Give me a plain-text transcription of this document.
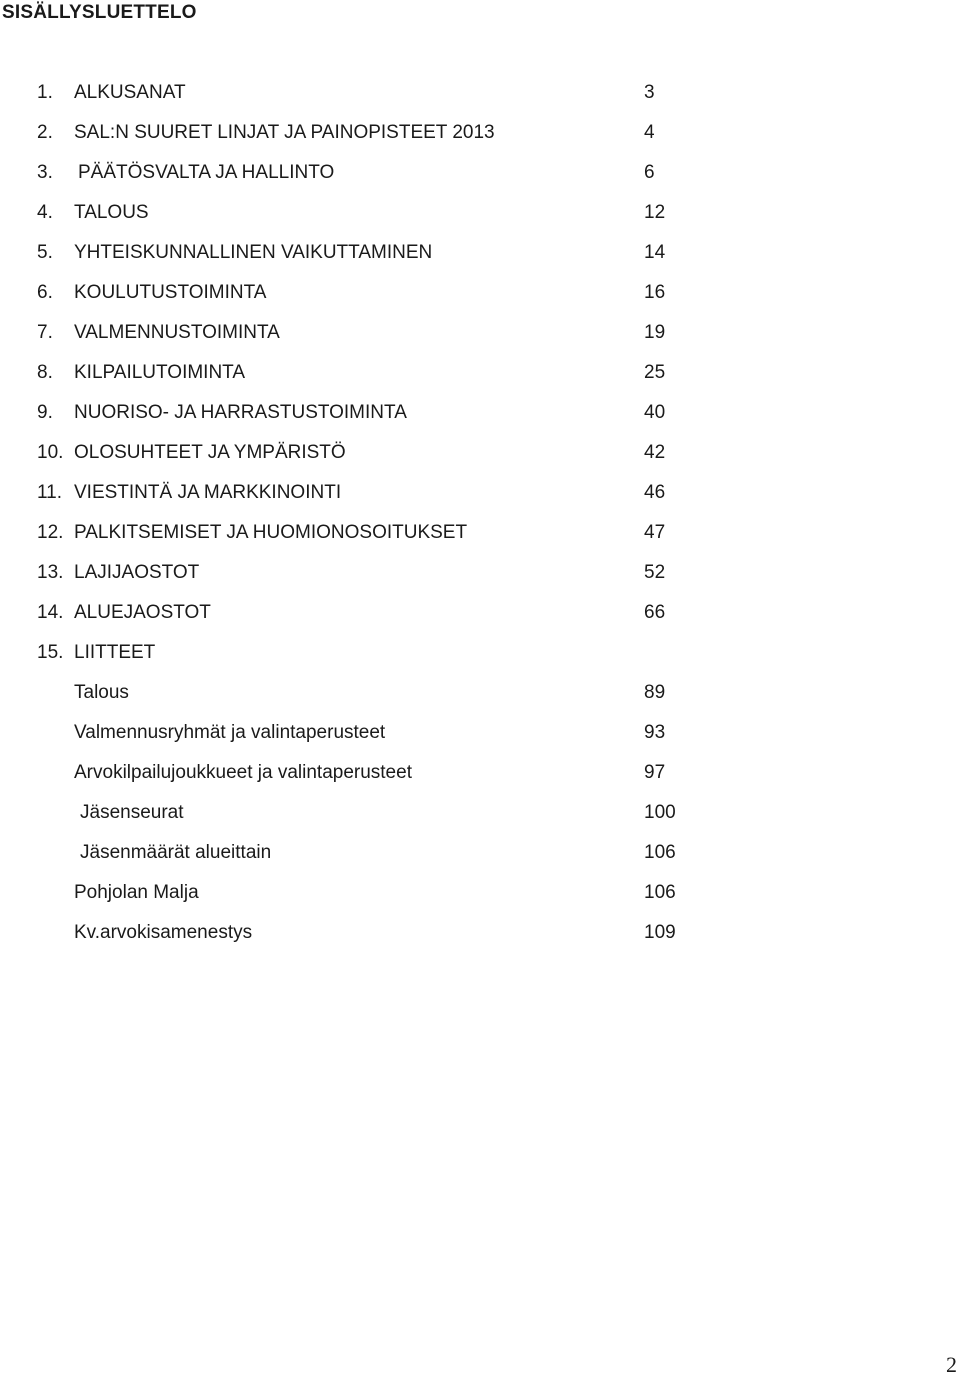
SISÄLLYSLUETTELO
1. ALKUSANAT	3
2. SAL:N SUURET LINJAT JA PAINOPISTEET 2013	4
3. PÄÄTÖSVALTA JA HALLINTO	6
4. TALOUS	12
5. YHTEISKUNNALLINEN VAIKUTTAMINEN	14
6. KOULUTUSTOIMINTA	16
7. VALMENNUSTOIMINTA	19
8. KILPAILUTOIMINTA	25
9. NUORISO- JA HARRASTUSTOIMINTA	40
10. OLOSUHTEET JA YMPÄRISTÖ	42
11. VIESTINTÄ JA MARKKINOINTI	46
12. PALKITSEMISET JA HUOMIONOSOITUKSET	47
13. LAJIJAOSTOT	52
14. ALUEJAOSTOT	66
15. LIITTEET
Talous	89
Valmennusryhmät ja valintaperusteet	93
Arvokilpailujoukkueet ja valintaperusteet	97
Jäsenseurat	100
Jäsenmäärät alueittain	106
Pohjolan Malja	106
Kv.arvokisamenestys	109
2
